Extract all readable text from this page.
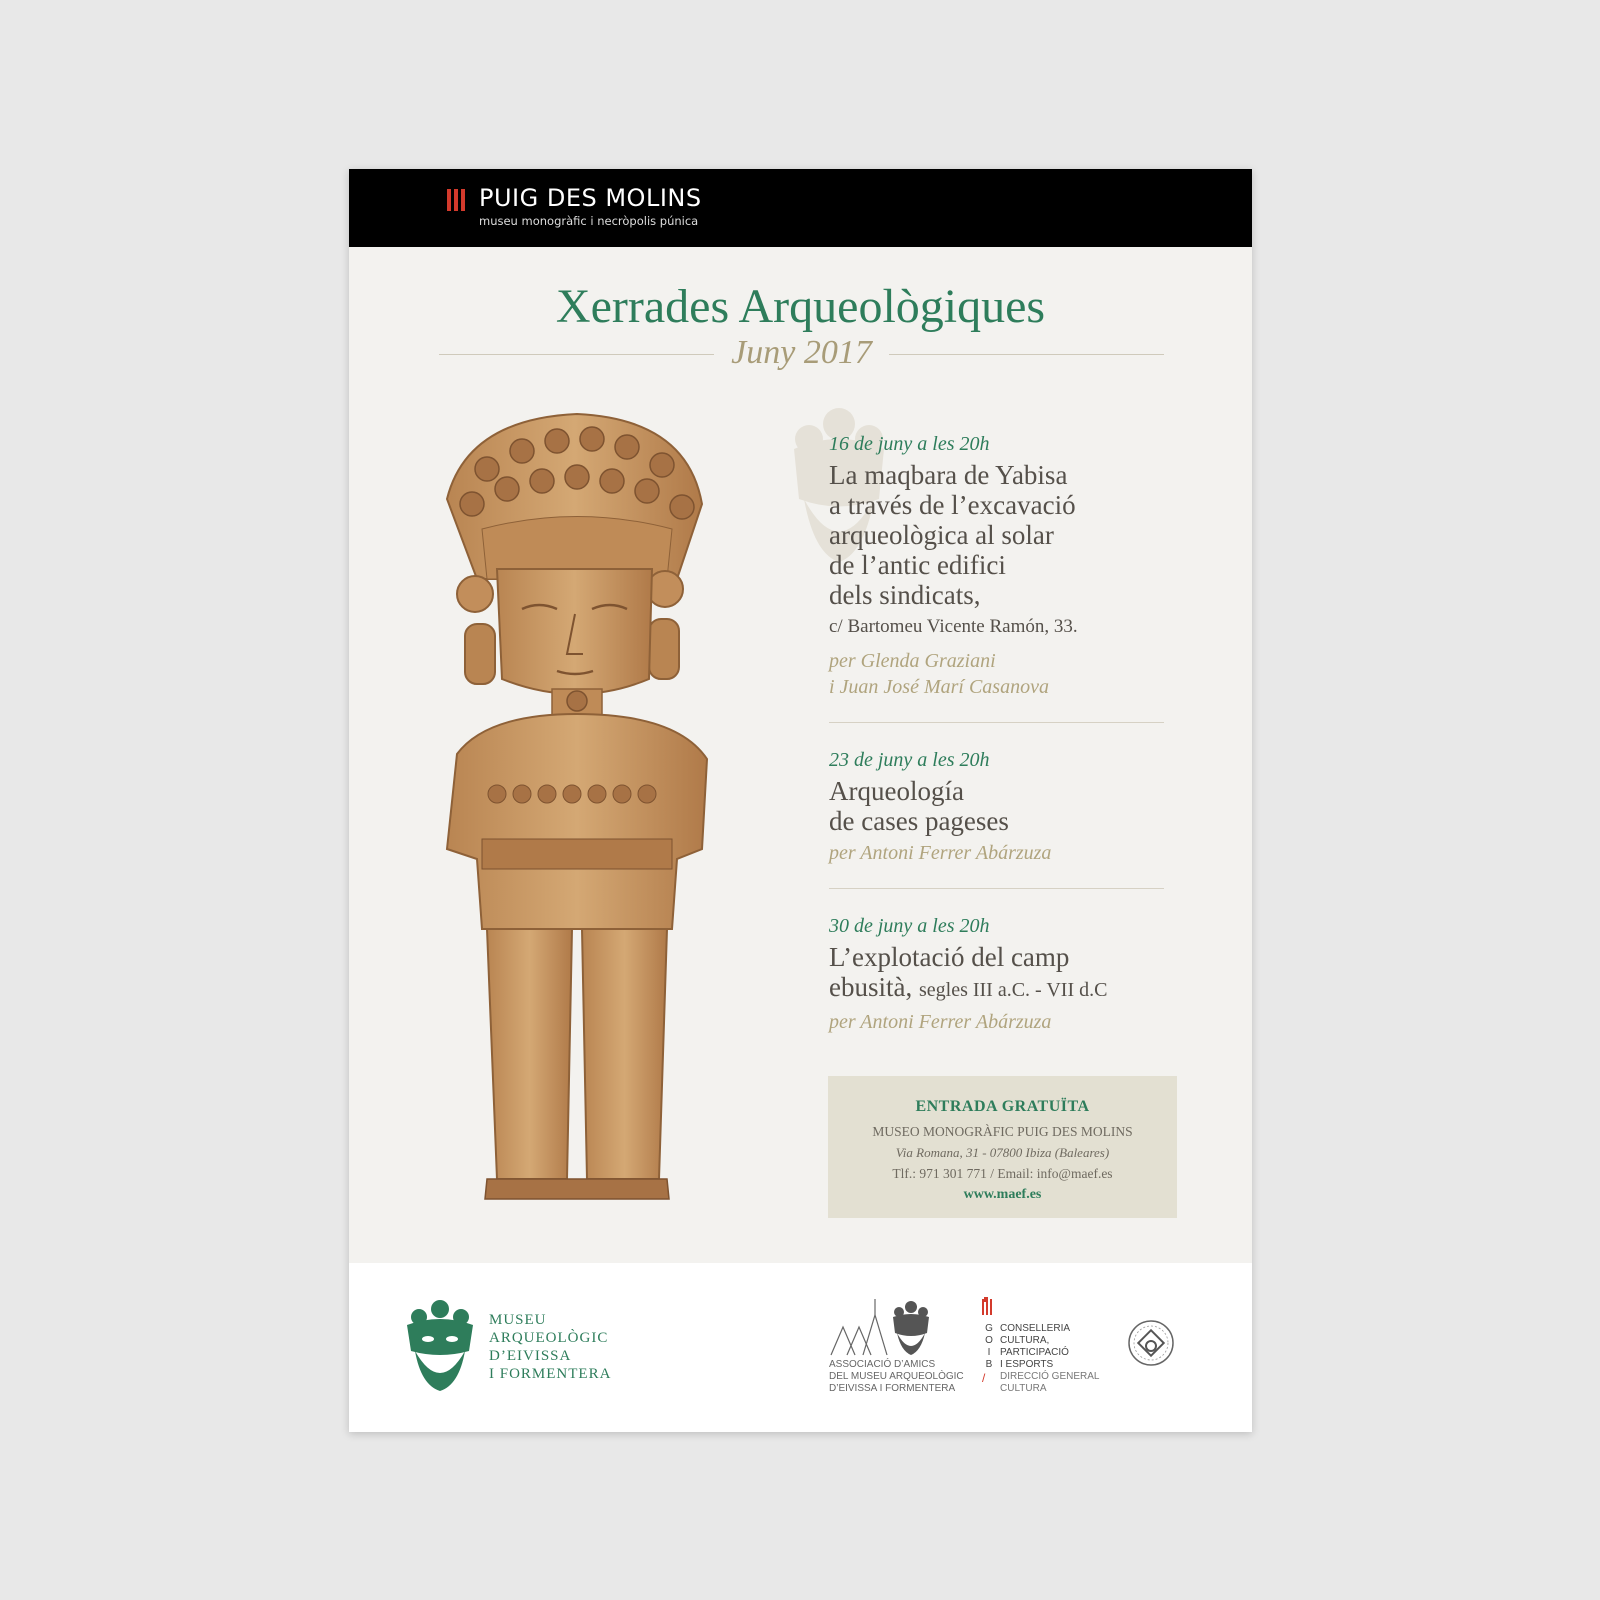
PUIG DES MOLINS
museu monogràfic i necròpolis púnica
Xerrades Arqueològiques
Juny 2017

16 de juny a les 20h

La maqbara de Yabisa
a través de l’excavació
arqueològica al solar
de l’antic edifici
dels sindicats,

c/ Bartomeu Vicente Ramón, 33.

per Glenda Graziani
i Juan José Marí Casanova

23 de juny a les 20h

Arqueología
de cases pageses

per Antoni Ferrer Abárzuza

30 de juny a les 20h

L’explotació del camp
ebusità, segles III a.C. - VII d.C

per Antoni Ferrer Abárzuza

ENTRADA GRATUÏTA
MUSEO MONOGRÀFIC PUIG DES MOLINS
Via Romana, 31 - 07800 Ibiza (Baleares)
Tlf.: 971 301 771 / Email: info@maef.es
www.maef.es
MUSEU
ARQUEOLÒGIC
D’EIVISSA
I FORMENTERA
ASSOCIACIÓ D’AMICS
DEL MUSEU ARQUEOLÒGIC
D’EIVISSA I FORMENTERA
G
O
I
B
/
CONSELLERIA
CULTURA,
PARTICIPACIÓ
I ESPORTS
DIRECCIÓ GENERAL
CULTURA
